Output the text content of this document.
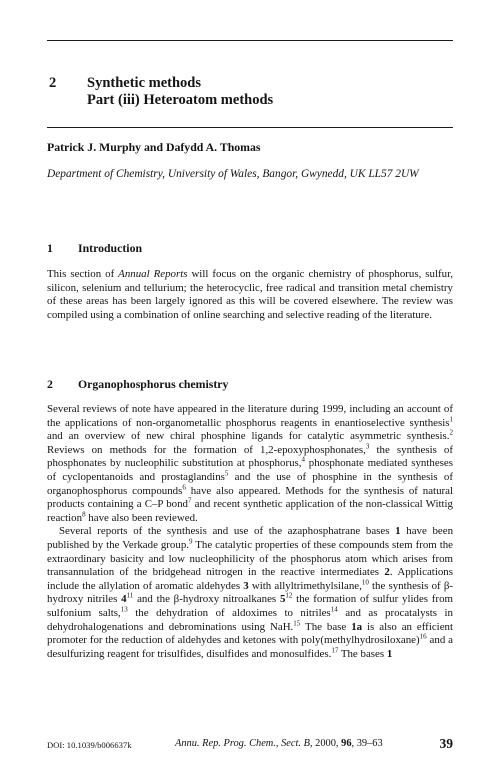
2 Synthetic methods
Part (iii) Heteroatom methods
Patrick J. Murphy and Dafydd A. Thomas
Department of Chemistry, University of Wales, Bangor, Gwynedd, UK LL57 2UW
1 Introduction

This section of Annual Reports will focus on the organic chemistry of phosphorus, sulfur, silicon, selenium and tellurium; the heterocyclic, free radical and transition metal chemistry of these areas has been largely ignored as this will be covered elsewhere. The review was compiled using a combination of online searching and selective reading of the literature.

2 Organophosphorus chemistry

Several reviews of note have appeared in the literature during 1999, including an account of the applications of non-organometallic phosphorus reagents in enantioselective synthesis$^1$ and an overview of new chiral phosphine ligands for catalytic asymmetric synthesis.$^2$ Reviews on methods for the formation of 1,2-epoxyphosphonates,$^3$ the synthesis of phosphonates by nucleophilic substitution at phosphorus,$^4$ phosphonate mediated syntheses of cyclopentanoids and prostaglandins$^5$ and the use of phosphine in the synthesis of organophosphorus compounds$^6$ have also appeared. Methods for the synthesis of natural products containing a C–P bond$^7$ and recent synthetic application of the non-classical Wittig reaction$^8$ have also been reviewed.

Several reports of the synthesis and use of the azaphosphatrane bases 1 have been published by the Verkade group.$^9$ The catalytic properties of these compounds stem from the extraordinary basicity and low nucleophilicity of the phosphorus atom which arises from transannulation of the bridgehead nitrogen in the reactive intermediates 2. Applications include the allylation of aromatic aldehydes 3 with allyltrimethylsilane,$^{10}$ the synthesis of β-hydroxy nitriles $4^{11}$ and the β-hydroxy nitroalkanes $5^{12}$ the formation of sulfur ylides from sulfonium salts,$^{13}$ the dehydration of aldoximes to nitriles$^{14}$ and as procatalysts in dehydrohalogenations and debrominations using NaH.$^{15}$ The base 1a is also an efficient promoter for the reduction of aldehydes and ketones with poly(methylhydrosiloxane)$^{16}$ and a desulfurizing reagent for trisulfides, disulfides and monosulfides.$^{17}$ The bases 1

DOI: 10.1039/b006637k	Annu. Rep. Prog. Chem., Sect. B, 2000, 96, 39–63	39
